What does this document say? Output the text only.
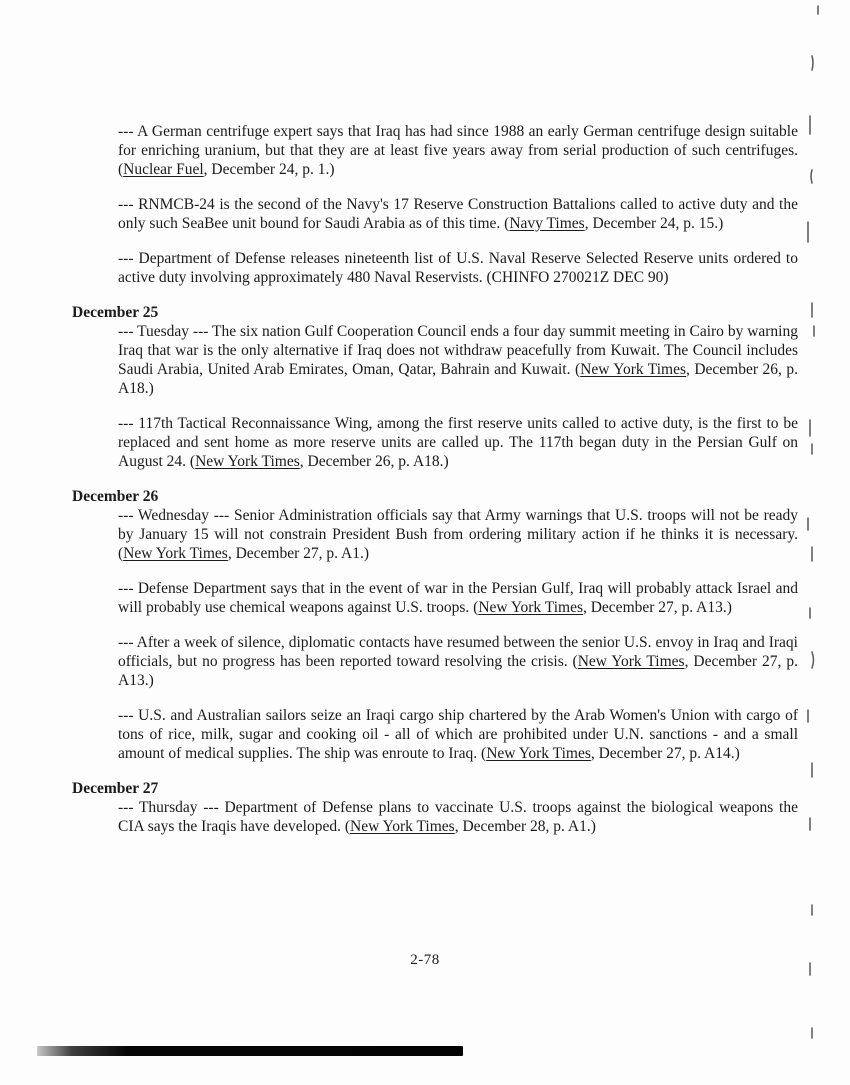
--- A German centrifuge expert says that Iraq has had since 1988 an early German centrifuge design suitable for enriching uranium, but that they are at least five years away from serial production of such centrifuges. (Nuclear Fuel, December 24, p. 1.)

--- RNMCB-24 is the second of the Navy's 17 Reserve Construction Battalions called to active duty and the only such SeaBee unit bound for Saudi Arabia as of this time. (Navy Times, December 24, p. 15.)

--- Department of Defense releases nineteenth list of U.S. Naval Reserve Selected Reserve units ordered to active duty involving approximately 480 Naval Reservists. (CHINFO 270021Z DEC 90)

December 25

--- Tuesday --- The six nation Gulf Cooperation Council ends a four day summit meeting in Cairo by warning Iraq that war is the only alternative if Iraq does not withdraw peacefully from Kuwait. The Council includes Saudi Arabia, United Arab Emirates, Oman, Qatar, Bahrain and Kuwait. (New York Times, December 26, p. A18.)

--- 117th Tactical Reconnaissance Wing, among the first reserve units called to active duty, is the first to be replaced and sent home as more reserve units are called up. The 117th began duty in the Persian Gulf on August 24. (New York Times, December 26, p. A18.)

December 26

--- Wednesday --- Senior Administration officials say that Army warnings that U.S. troops will not be ready by January 15 will not constrain President Bush from ordering military action if he thinks it is necessary. (New York Times, December 27, p. A1.)

--- Defense Department says that in the event of war in the Persian Gulf, Iraq will probably attack Israel and will probably use chemical weapons against U.S. troops. (New York Times, December 27, p. A13.)

--- After a week of silence, diplomatic contacts have resumed between the senior U.S. envoy in Iraq and Iraqi officials, but no progress has been reported toward resolving the crisis. (New York Times, December 27, p. A13.)

--- U.S. and Australian sailors seize an Iraqi cargo ship chartered by the Arab Women's Union with cargo of tons of rice, milk, sugar and cooking oil - all of which are prohibited under U.N. sanctions - and a small amount of medical supplies. The ship was enroute to Iraq. (New York Times, December 27, p. A14.)

December 27

--- Thursday --- Department of Defense plans to vaccinate U.S. troops against the biological weapons the CIA says the Iraqis have developed. (New York Times, December 28, p. A1.)

2-78
